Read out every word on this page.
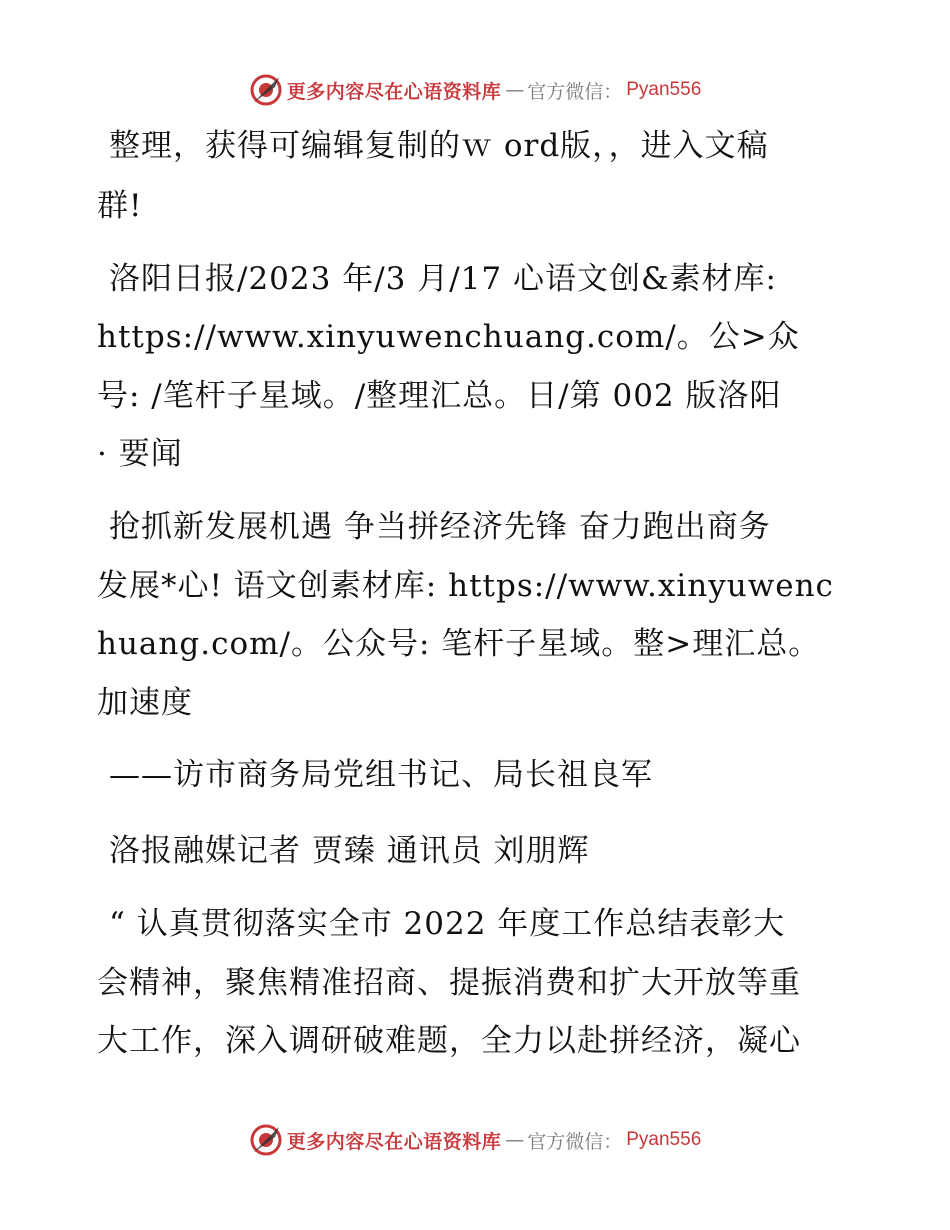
更多内容尽在心语资料库 — 官方微信： Pyan556
整理，获得可编辑复制的ｗ ord版，，进入文稿
群!
洛阳日报/2023 年/3 月/17 心语文创&素材库:
https://www.xinyuwenchuang.com/。公>众
号: /笔杆子星域。/整理汇总。日/第 002 版洛阳
· 要闻
抢抓新发展机遇 争当拼经济先锋 奋力跑出商务
发展*心! 语文创素材库: https://www.xinyuwenc
huang.com/。公众号: 笔杆子星域。整>理汇总。
加速度
——访市商务局党组书记、局长祖良军
洛报融媒记者 贾臻 通讯员 刘朋辉
“ 认真贯彻落实全市 2022 年度工作总结表彰大
会精神，聚焦精准招商、提振消费和扩大开放等重
大工作，深入调研破难题，全力以赴拼经济，凝心
更多内容尽在心语资料库 — 官方微信： Pyan556
